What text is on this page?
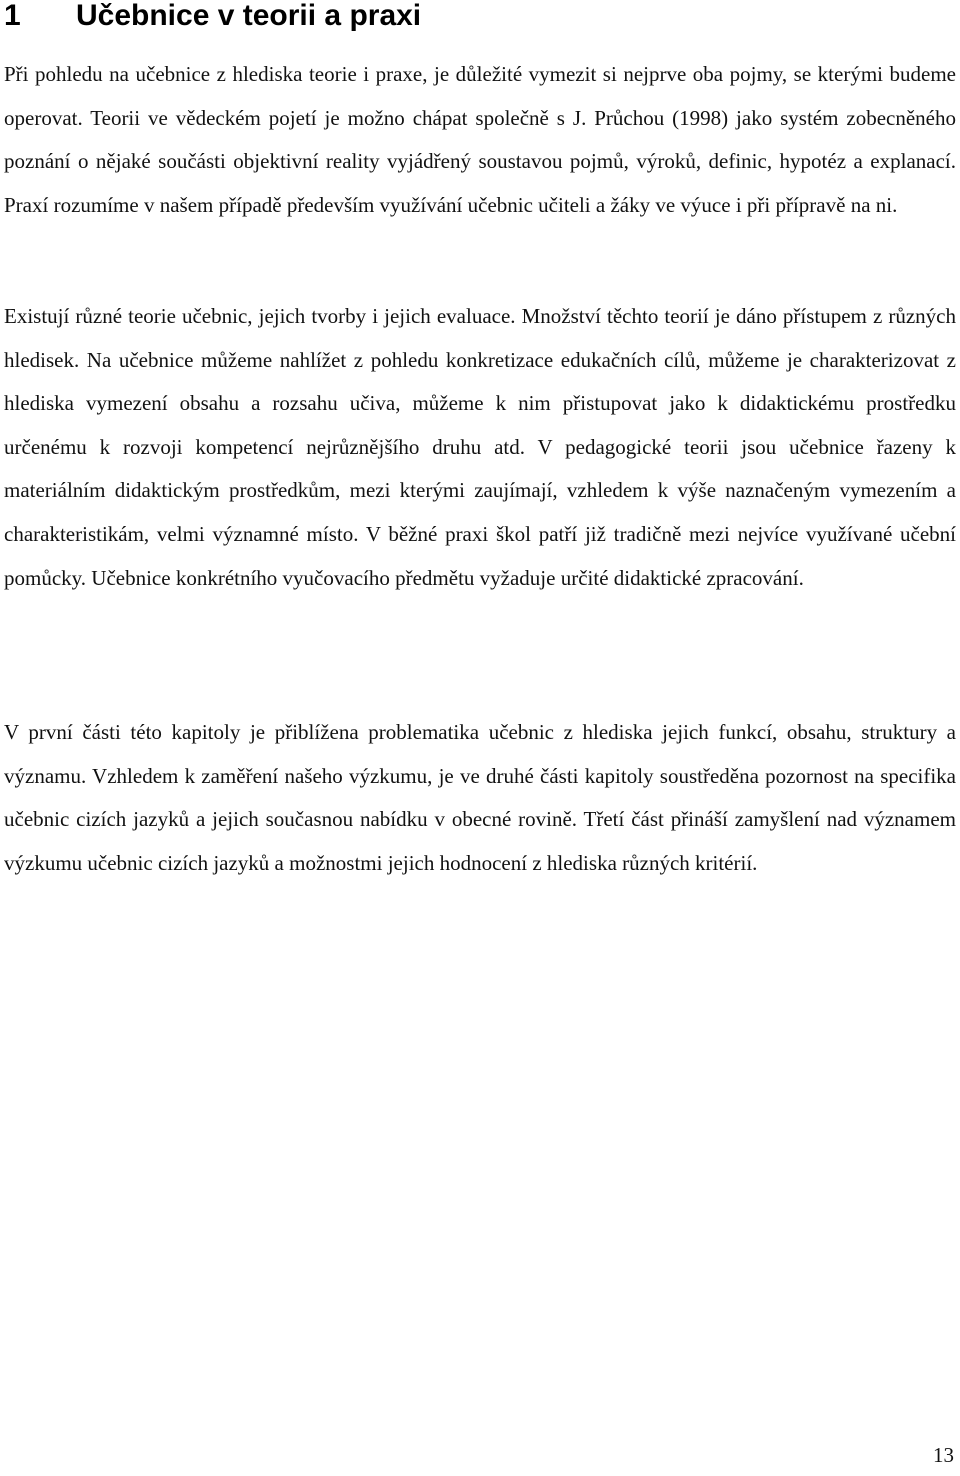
1 Učebnice v teorii a praxi

Při pohledu na učebnice z hlediska teorie i praxe, je důležité vymezit si nejprve oba pojmy, se kterými budeme operovat. Teorii ve vědeckém pojetí je možno chápat společně s J. Průchou (1998) jako systém zobecněného poznání o nějaké součásti objektivní reality vyjádřený soustavou pojmů, výroků, definic, hypotéz a explanací. Praxí rozumíme v našem případě především využívání učebnic učiteli a žáky ve výuce i při přípravě na ni.

Existují různé teorie učebnic, jejich tvorby i jejich evaluace. Množství těchto teorií je dáno přístupem z různých hledisek. Na učebnice můžeme nahlížet z pohledu konkretizace edukačních cílů, můžeme je charakterizovat z hlediska vymezení obsahu a rozsahu učiva, můžeme k nim přistupovat jako k didaktickému prostředku určenému k rozvoji kompetencí nejrůznějšího druhu atd. V pedagogické teorii jsou učebnice řazeny k materiálním didaktickým prostředkům, mezi kterými zaujímají, vzhledem k výše naznačeným vymezením a charakteristikám, velmi významné místo. V běžné praxi škol patří již tradičně mezi nejvíce využívané učební pomůcky. Učebnice konkrétního vyučovacího předmětu vyžaduje určité didaktické zpracování.

V první části této kapitoly je přiblížena problematika učebnic z hlediska jejich funkcí, obsahu, struktury a významu. Vzhledem k zaměření našeho výzkumu, je ve druhé části kapitoly soustředěna pozornost na specifika učebnic cizích jazyků a jejich současnou nabídku v obecné rovině. Třetí část přináší zamyšlení nad významem výzkumu učebnic cizích jazyků a možnostmi jejich hodnocení z hlediska různých kritérií.

13
